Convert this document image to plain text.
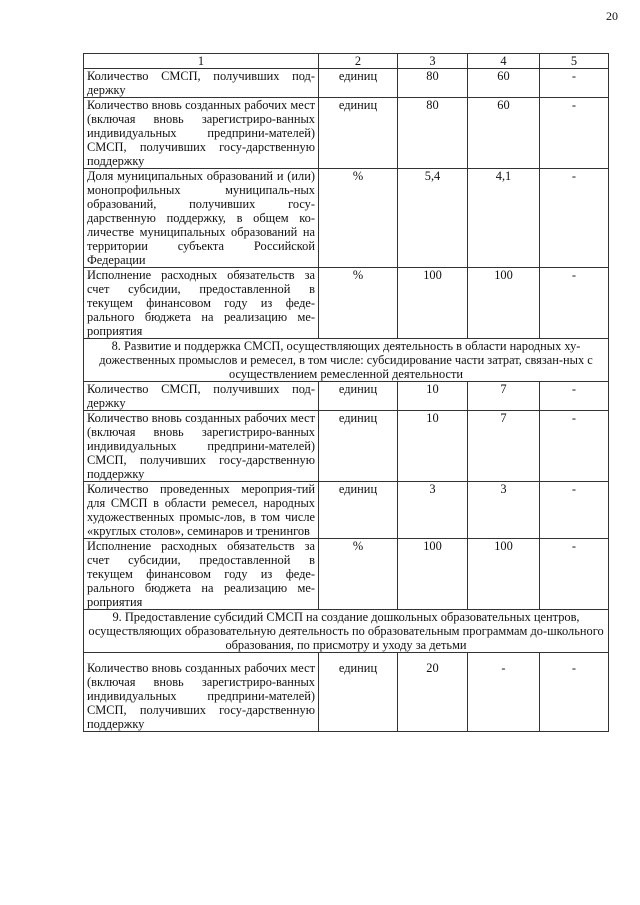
20
1	2	3	4	5
Количество СМСП, получивших под-держку	единиц	80	60	-
Количество вновь созданных рабочих мест (включая вновь зарегистриро-ванных индивидуальных предприни-мателей) СМСП, получивших госу-дарственную поддержку	единиц	80	60	-
Доля муниципальных образований и (или) монопрофильных муниципаль-ных образований, получивших госу-дарственную поддержку, в общем ко-личестве муниципальных образований на территории субъекта Российской Федерации	%	5,4	4,1	-
Исполнение расходных обязательств за счет субсидии, предоставленной в текущем финансовом году из феде-рального бюджета на реализацию ме-роприятия	%	100	100	-
8. Развитие и поддержка СМСП, осуществляющих деятельность в области народных ху-дожественных промыслов и ремесел, в том числе: субсидирование части затрат, связан-ных с осуществлением ремесленной деятельности				
Количество СМСП, получивших под-держку	единиц	10	7	-
Количество вновь созданных рабочих мест (включая вновь зарегистриро-ванных индивидуальных предприни-мателей) СМСП, получивших госу-дарственную поддержку	единиц	10	7	-
Количество проведенных мероприя-тий для СМСП в области ремесел, народных художественных промыс-лов, в том числе «круглых столов», семинаров и тренингов	единиц	3	3	-
Исполнение расходных обязательств за счет субсидии, предоставленной в текущем финансовом году из феде-рального бюджета на реализацию ме-роприятия	%	100	100	-
9. Предоставление субсидий СМСП на создание дошкольных образовательных центров, осуществляющих образовательную деятельность по образовательным программам до-школьного образования, по присмотру и уходу за детьми				

Количество вновь созданных рабочих мест (включая вновь зарегистриро-ванных индивидуальных предприни-мателей) СМСП, получивших госу-дарственную поддержку	единиц	20	-	-
